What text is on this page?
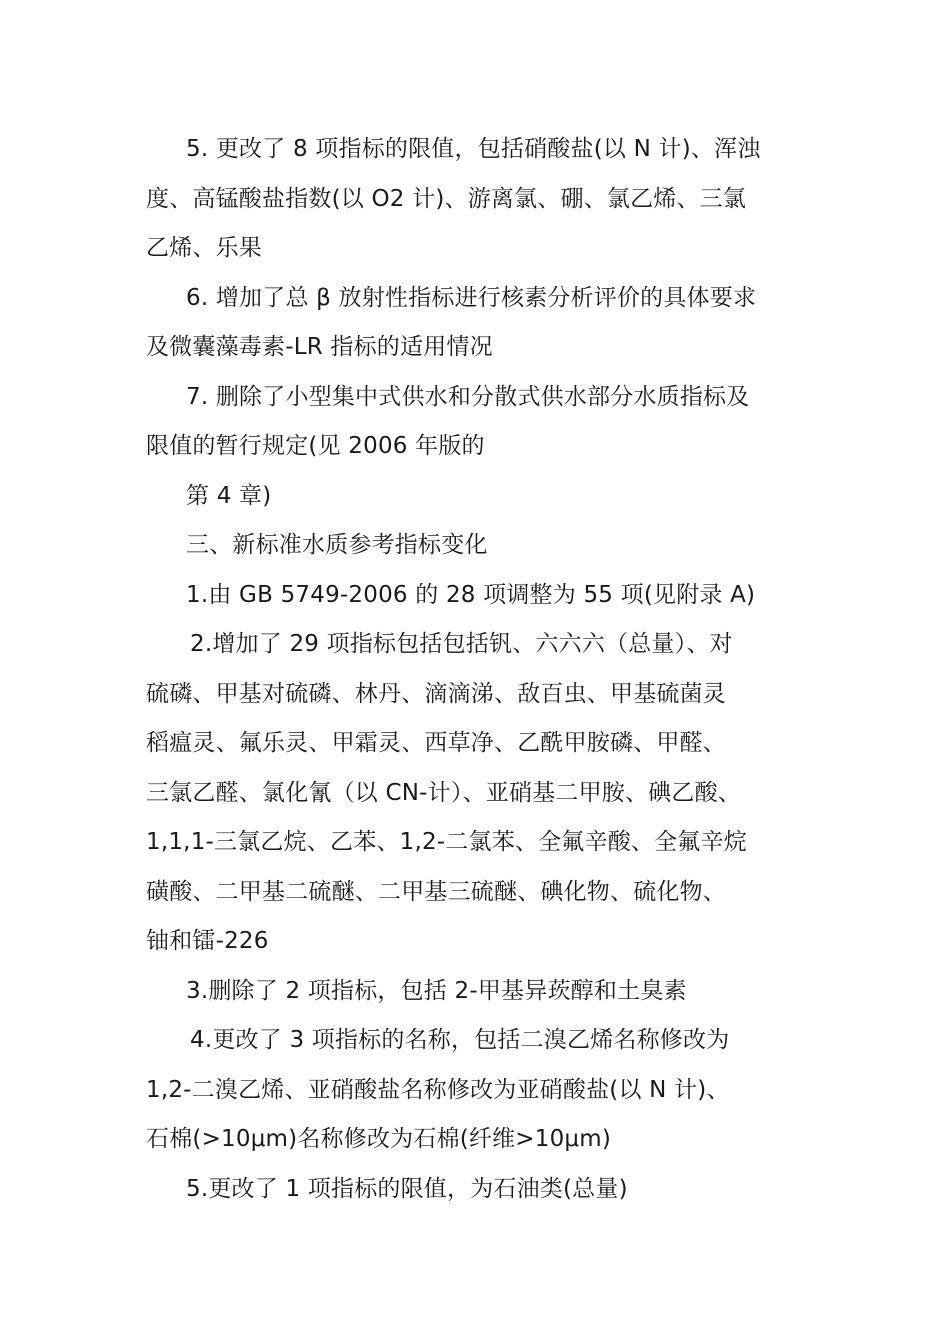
5. 更改了 8 项指标的限值，包括硝酸盐(以 N 计)、浑浊
度、高锰酸盐指数(以 O2 计)、游离氯、硼、氯乙烯、三氯
乙烯、乐果
6. 增加了总 β 放射性指标进行核素分析评价的具体要求
及微囊藻毒素-LR 指标的适用情况
7. 删除了小型集中式供水和分散式供水部分水质指标及
限值的暂行规定(见 2006 年版的
第 4 章)
三、新标准水质参考指标变化
1.由 GB 5749-2006 的 28 项调整为 55 项(见附录 A)
2.增加了 29 项指标包括包括钒、六六六（总量）、对
硫磷、甲基对硫磷、林丹、滴滴涕、敌百虫、甲基硫菌灵
稻瘟灵、氟乐灵、甲霜灵、西草净、乙酰甲胺磷、甲醛、
三氯乙醛、氯化氰（以 CN-计）、亚硝基二甲胺、碘乙酸、
1,1,1-三氯乙烷、乙苯、1,2-二氯苯、全氟辛酸、全氟辛烷
磺酸、二甲基二硫醚、二甲基三硫醚、碘化物、硫化物、
铀和镭-226
3.删除了 2 项指标，包括 2-甲基异莰醇和土臭素
4.更改了 3 项指标的名称，包括二溴乙烯名称修改为
1,2-二溴乙烯、亚硝酸盐名称修改为亚硝酸盐(以 N 计)、
石棉(>10μm)名称修改为石棉(纤维>10μm)
5.更改了 1 项指标的限值，为石油类(总量)
